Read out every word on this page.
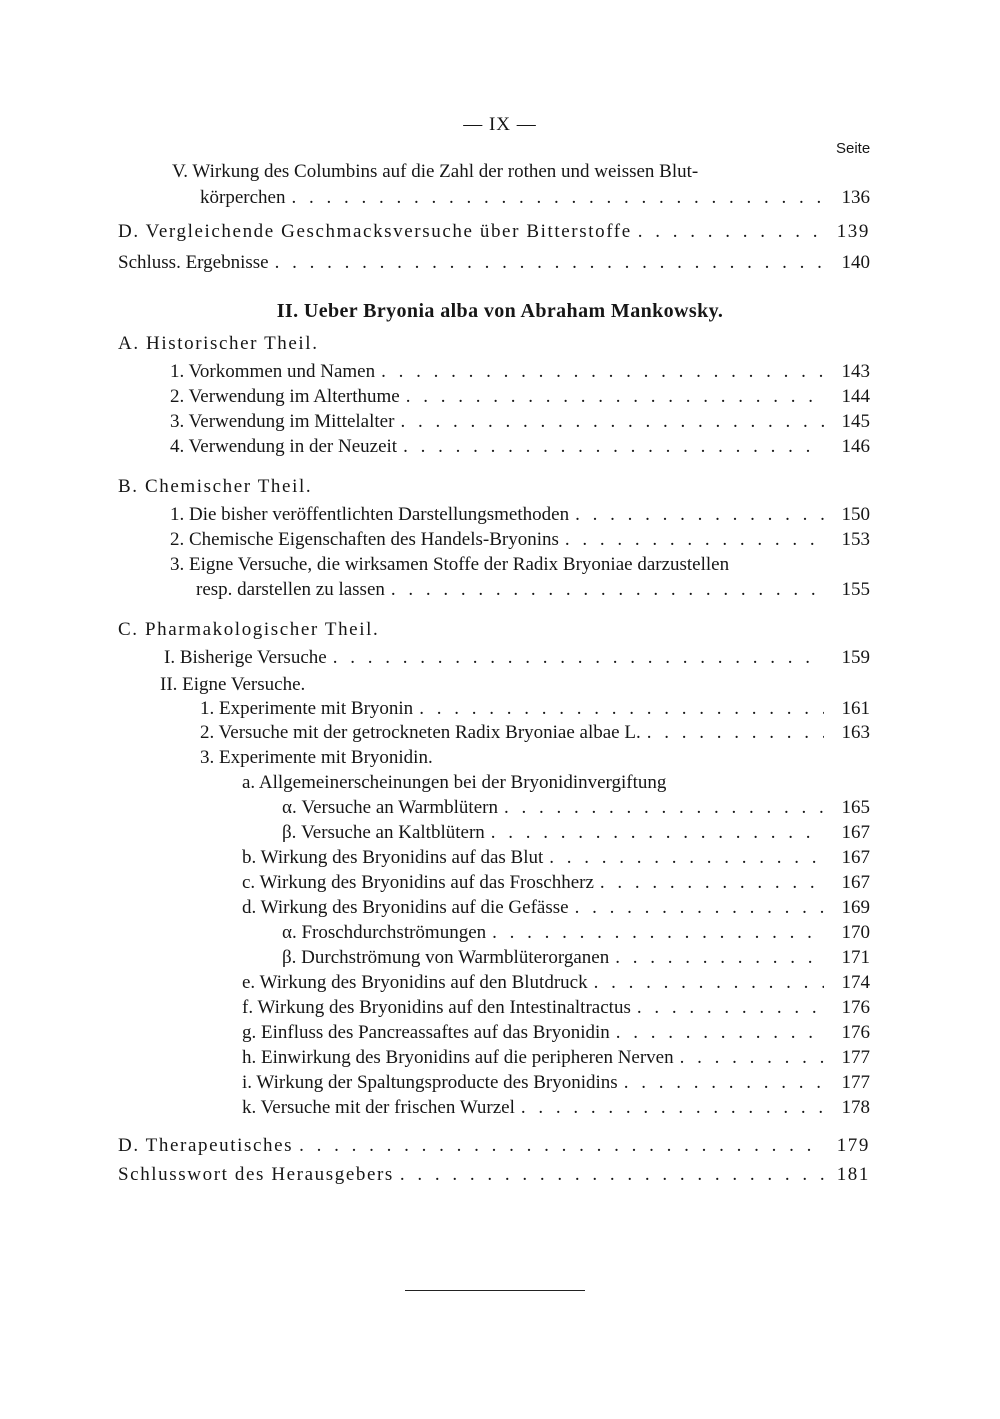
— IX —
Seite
V. Wirkung des Columbins auf die Zahl der rothen und weissen Blut-
körperchen . . .	136
D. Vergleichende Geschmacksversuche über Bitterstoffe . . .	139
Schluss. Ergebnisse . . .	140
II. Ueber Bryonia alba von Abraham Mankowsky.
A. Historischer Theil.
1. Vorkommen und Namen . . .	143
2. Verwendung im Alterthume . . .	144
3. Verwendung im Mittelalter . . .	145
4. Verwendung in der Neuzeit . . .	146
B. Chemischer Theil.
1. Die bisher veröffentlichten Darstellungsmethoden . . .	150
2. Chemische Eigenschaften des Handels-Bryonins . . .	153
3. Eigne Versuche, die wirksamen Stoffe der Radix Bryoniae darzustellen
resp. darstellen zu lassen . . .	155
C. Pharmakologischer Theil.
I. Bisherige Versuche . . .	159
II. Eigne Versuche.
1. Experimente mit Bryonin . . .	161
2. Versuche mit der getrockneten Radix Bryoniae albae L. . . .	163
3. Experimente mit Bryonidin.
a. Allgemeinerscheinungen bei der Bryonidinvergiftung
α. Versuche an Warmblütern . . .	165
β. Versuche an Kaltblütern . . .	167
b. Wirkung des Bryonidins auf das Blut . . .	167
c. Wirkung des Bryonidins auf das Froschherz . . .	167
d. Wirkung des Bryonidins auf die Gefässe . . .	169
α. Froschdurchströmungen . . .	170
β. Durchströmung von Warmblüterorganen . . .	171
e. Wirkung des Bryonidins auf den Blutdruck . . .	174
f. Wirkung des Bryonidins auf den Intestinaltractus . . .	176
g. Einfluss des Pancreassaftes auf das Bryonidin . . .	176
h. Einwirkung des Bryonidins auf die peripheren Nerven . . .	177
i. Wirkung der Spaltungsproducte des Bryonidins . . .	177
k. Versuche mit der frischen Wurzel . . .	178
D. Therapeutisches . . .	179
Schlusswort des Herausgebers . . .	181
